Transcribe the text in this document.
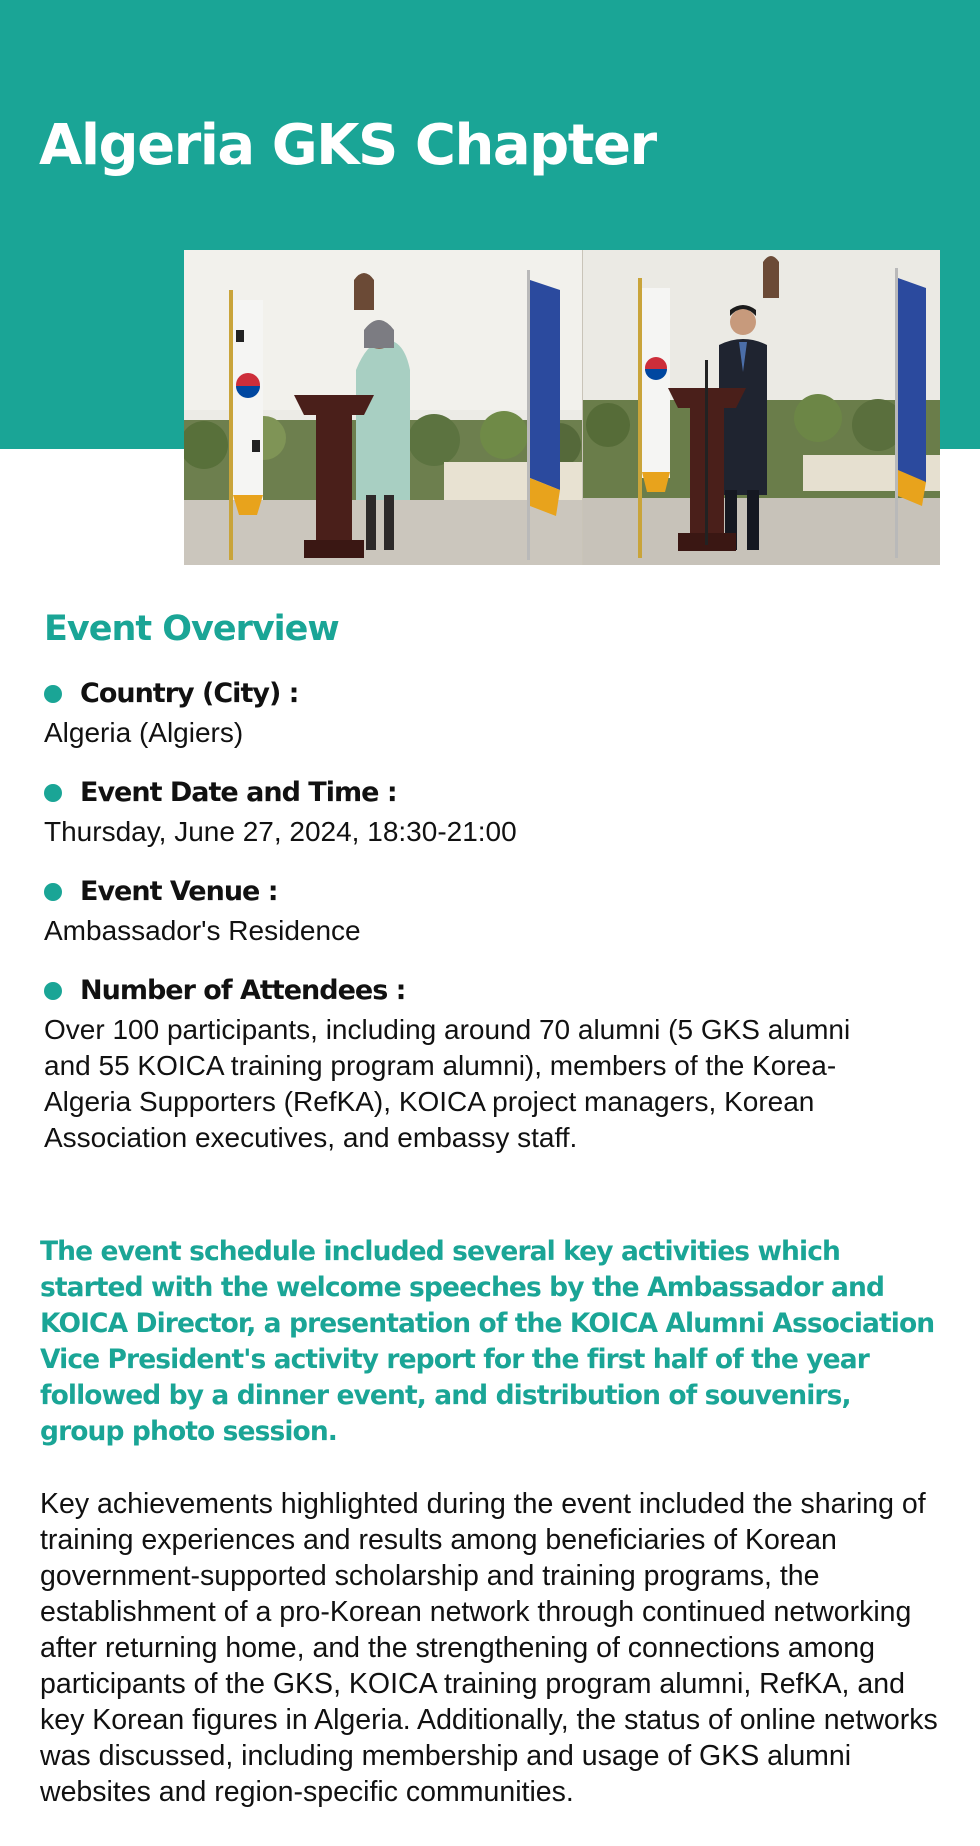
Algeria GKS Chapter
Event Overview
Country (City) :
Algeria (Algiers)
Event Date and Time :
Thursday, June 27, 2024, 18:30-21:00
Event Venue :
Ambassador's Residence
Number of Attendees :
Over 100 participants, including around 70 alumni (5 GKS alumni and 55 KOICA training program alumni), members of the Korea-Algeria Supporters (RefKA), KOICA project managers, Korean Association executives, and embassy staff.

The event schedule included several key activities which started with the welcome speeches by the Ambassador and KOICA Director, a presentation of the KOICA Alumni Association Vice President's activity report for the first half of the year followed by a dinner event, and distribution of souvenirs, group photo session.

Key achievements highlighted during the event included the sharing of training experiences and results among beneficiaries of Korean government-supported scholarship and training programs, the establishment of a pro-Korean network through continued networking after returning home, and the strengthening of connections among participants of the GKS, KOICA training program alumni, RefKA, and key Korean figures in Algeria. Additionally, the status of online networks was discussed, including membership and usage of GKS alumni websites and region-specific communities.
